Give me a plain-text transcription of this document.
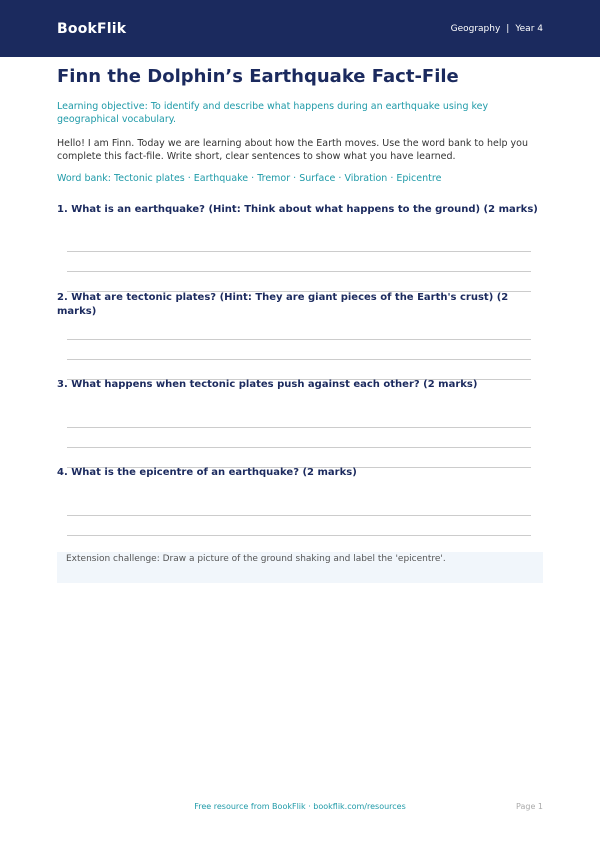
BookFlik	Geography | Year 4
Finn the Dolphin’s Earthquake Fact-File

Learning objective: To identify and describe what happens during an earthquake using key geographical vocabulary.

Hello! I am Finn. Today we are learning about how the Earth moves. Use the word bank to help you complete this fact-file. Write short, clear sentences to show what you have learned.

Word bank: Tectonic plates · Earthquake · Tremor · Surface · Vibration · Epicentre

1. What is an earthquake? (Hint: Think about what happens to the ground) (2 marks)

2. What are tectonic plates? (Hint: They are giant pieces of the Earth's crust) (2 marks)

3. What happens when tectonic plates push against each other? (2 marks)

4. What is the epicentre of an earthquake? (2 marks)

Extension challenge: Draw a picture of the ground shaking and label the 'epicentre'.
Free resource from BookFlik · bookflik.com/resources	Page 1
